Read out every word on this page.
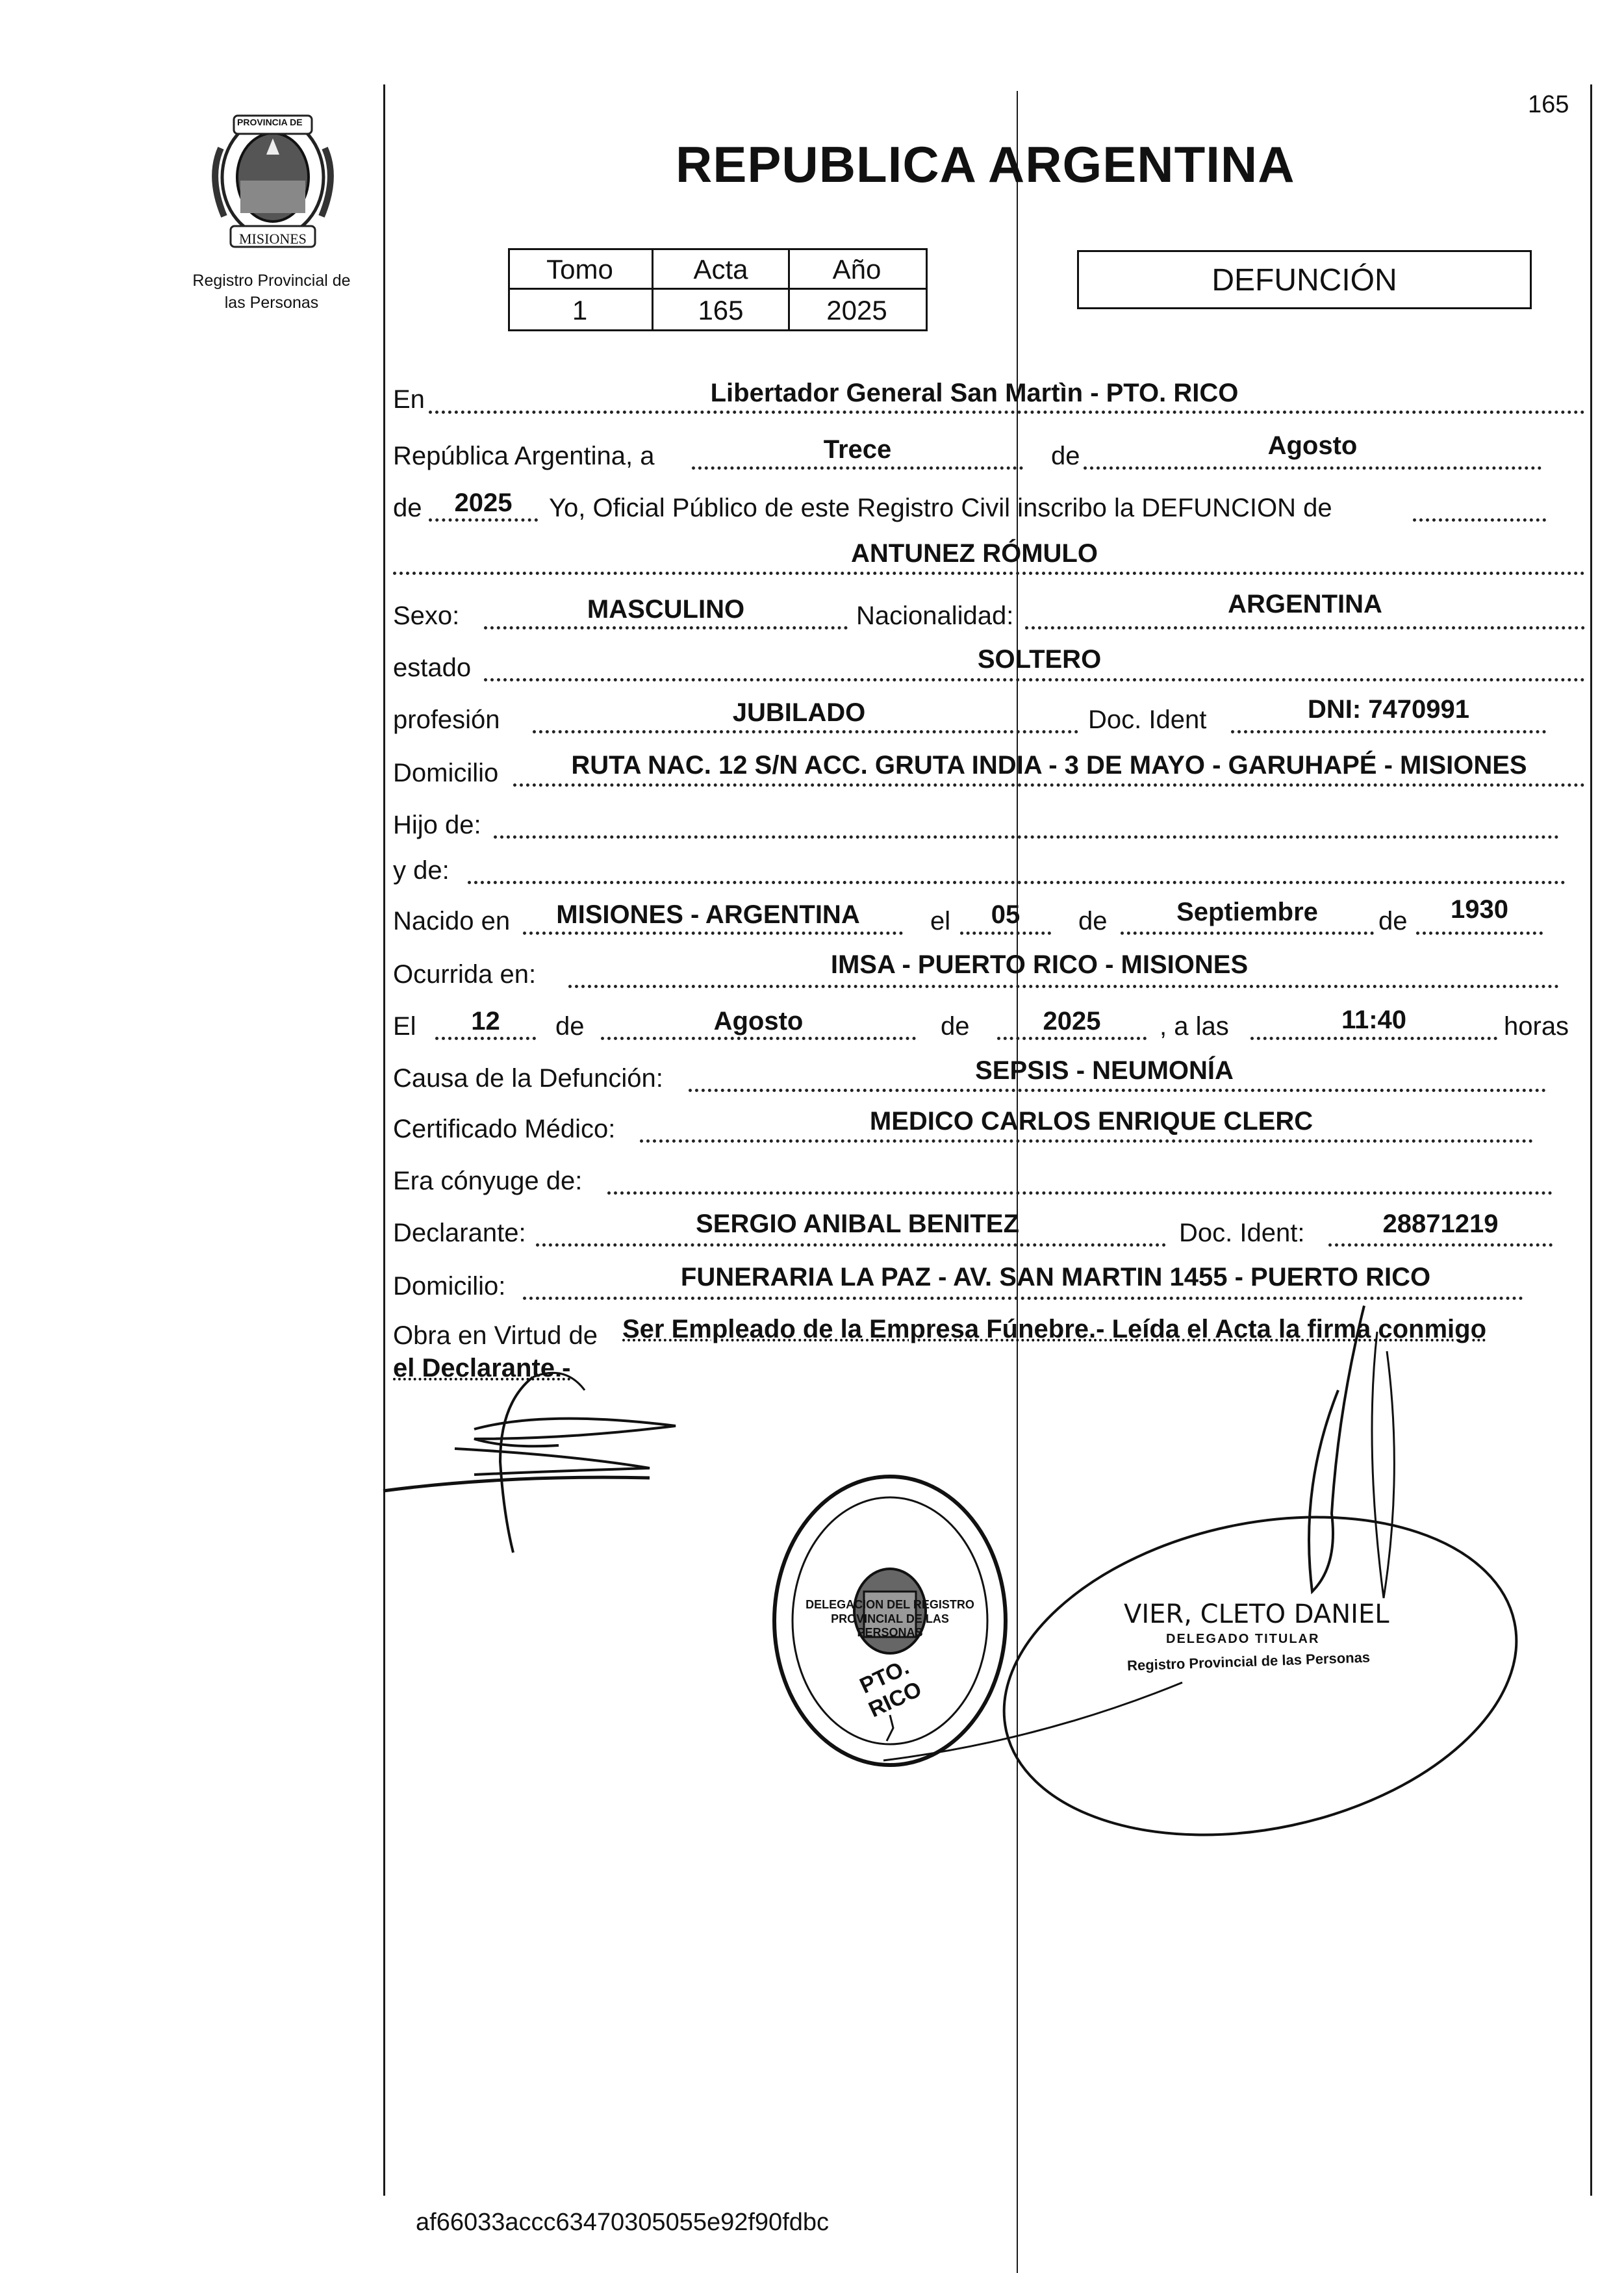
165
PROVINCIA DE
MISIONES
Registro Provincial de
las Personas
REPUBLICA ARGENTINA
Tomo	Acta	Año
1	165	2025
DEFUNCIÓN
En	Libertador General San Martìn - PTO. RICO
República Argentina, a	Trece	de	Agosto
de	2025	Yo, Oficial Público de este Registro Civil inscribo la DEFUNCION de
ANTUNEZ RÓMULO
Sexo:	MASCULINO	Nacionalidad:	ARGENTINA
estado	SOLTERO
profesión	JUBILADO	Doc. Ident	DNI: 7470991
Domicilio	RUTA NAC. 12 S/N ACC. GRUTA INDIA - 3 DE MAYO - GARUHAPÉ - MISIONES
Hijo de:
y de:
Nacido en	MISIONES - ARGENTINA	el	05	de	Septiembre	de	1930
Ocurrida en:	IMSA - PUERTO RICO - MISIONES
El	12	de	Agosto	de	2025	, a las	11:40	horas
Causa de la Defunción:	SEPSIS - NEUMONÍA
Certificado Médico:	MEDICO CARLOS ENRIQUE CLERC
Era cónyuge de:
Declarante:	SERGIO ANIBAL BENITEZ	Doc. Ident:	28871219
Domicilio:	FUNERARIA LA PAZ - AV. SAN MARTIN 1455 - PUERTO RICO
Obra en Virtud de Ser Empleado de la Empresa Fúnebre.- Leída el Acta la firma conmigo
el Declarante.-
DELEGACION DEL REGISTRO PROVINCIAL DE LAS PERSONAS
PTO. RICO
VIER, CLETO DANIEL
DELEGADO TITULAR
Registro Provincial de las Personas
af66033accc63470305055e92f90fdbc
